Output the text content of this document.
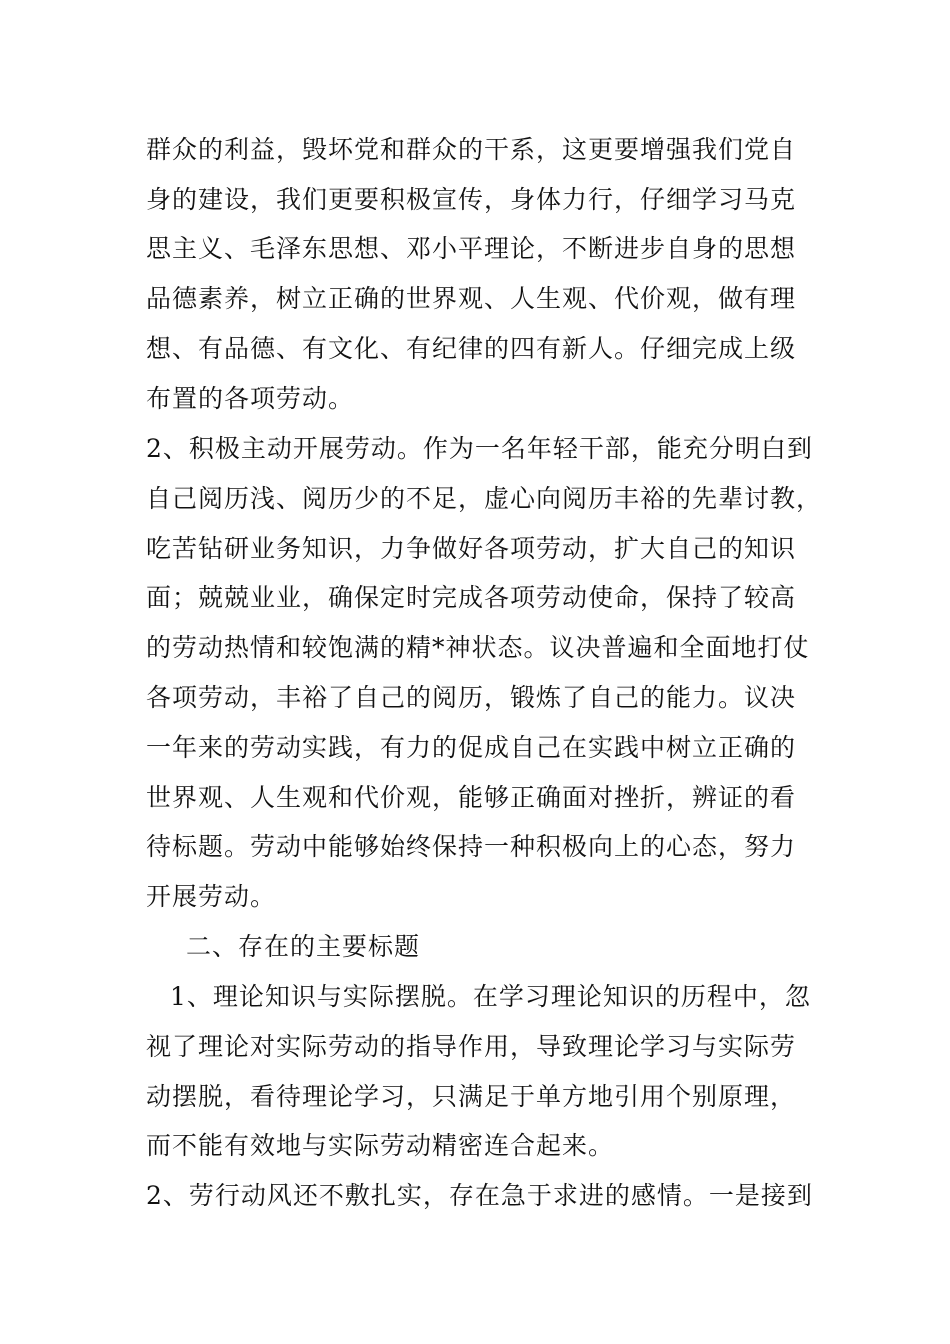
群众的利益，毁坏党和群众的干系，这更要增强我们党自
身的建设，我们更要积极宣传，身体力行，仔细学习马克
思主义、毛泽东思想、邓小平理论，不断进步自身的思想
品德素养，树立正确的世界观、人生观、代价观，做有理
想、有品德、有文化、有纪律的四有新人。仔细完成上级
布置的各项劳动。
2、积极主动开展劳动。作为一名年轻干部，能充分明白到
自己阅历浅、阅历少的不足，虚心向阅历丰裕的先辈讨教，
吃苦钻研业务知识，力争做好各项劳动，扩大自己的知识
面；兢兢业业，确保定时完成各项劳动使命，保持了较高
的劳动热情和较饱满的精*神状态。议决普遍和全面地打仗
各项劳动，丰裕了自己的阅历，锻炼了自己的能力。议决
一年来的劳动实践，有力的促成自己在实践中树立正确的
世界观、人生观和代价观，能够正确面对挫折，辨证的看
待标题。劳动中能够始终保持一种积极向上的心态，努力
开展劳动。
二、存在的主要标题
1、理论知识与实际摆脱。在学习理论知识的历程中，忽
视了理论对实际劳动的指导作用，导致理论学习与实际劳
动摆脱，看待理论学习，只满足于单方地引用个别原理，
而不能有效地与实际劳动精密连合起来。
2、劳行动风还不敷扎实，存在急于求进的感情。一是接到
